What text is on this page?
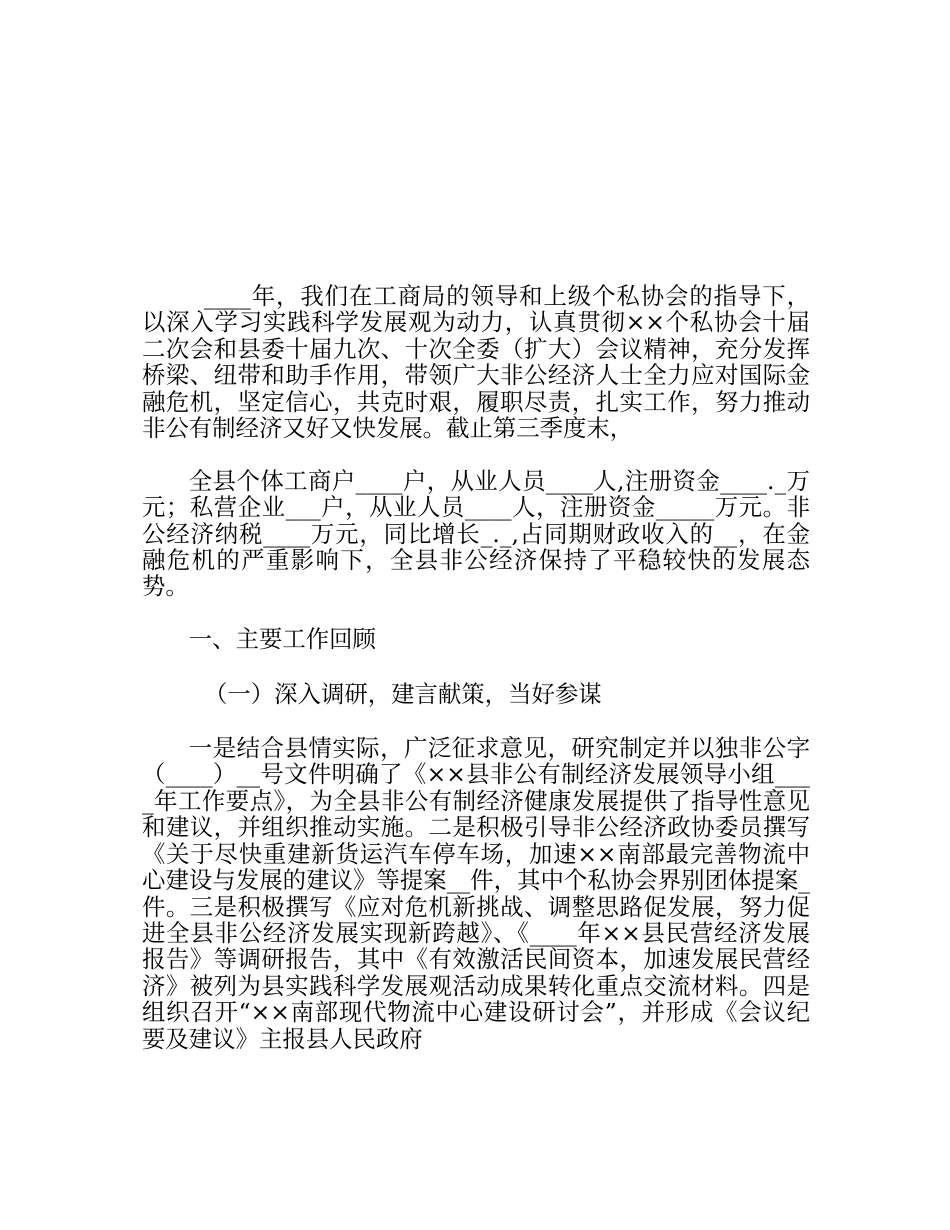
____年，我们在工商局的领导和上级个私协会的指导下，以深入学习实践科学发展观为动力，认真贯彻××个私协会十届二次会和县委十届九次、十次全委（扩大）会议精神，充分发挥桥梁、纽带和助手作用，带领广大非公经济人士全力应对国际金融危机，坚定信心，共克时艰，履职尽责，扎实工作，努力推动非公有制经济又好又快发展。截止第三季度末，

全县个体工商户____户，从业人员____人,注册资金____._万元；私营企业___户，从业人员____人，注册资金_____万元。非公经济纳税____万元，同比增长_._,占同期财政收入的__，在金融危机的严重影响下，全县非公经济保持了平稳较快的发展态势。

一、主要工作回顾

（一）深入调研，建言献策，当好参谋

一是结合县情实际，广泛征求意见，研究制定并以独非公字（____）__号文件明确了《××县非公有制经济发展领导小组____年工作要点》，为全县非公有制经济健康发展提供了指导性意见和建议，并组织推动实施。二是积极引导非公经济政协委员撰写《关于尽快重建新货运汽车停车场，加速××南部最完善物流中心建设与发展的建议》等提案__件，其中个私协会界别团体提案_件。三是积极撰写《应对危机新挑战、调整思路促发展，努力促进全县非公经济发展实现新跨越》、《____年××县民营经济发展报告》等调研报告，其中《有效激活民间资本，加速发展民营经济》被列为县实践科学发展观活动成果转化重点交流材料。四是组织召开“××南部现代物流中心建设研讨会”，并形成《会议纪要及建议》主报县人民政府
